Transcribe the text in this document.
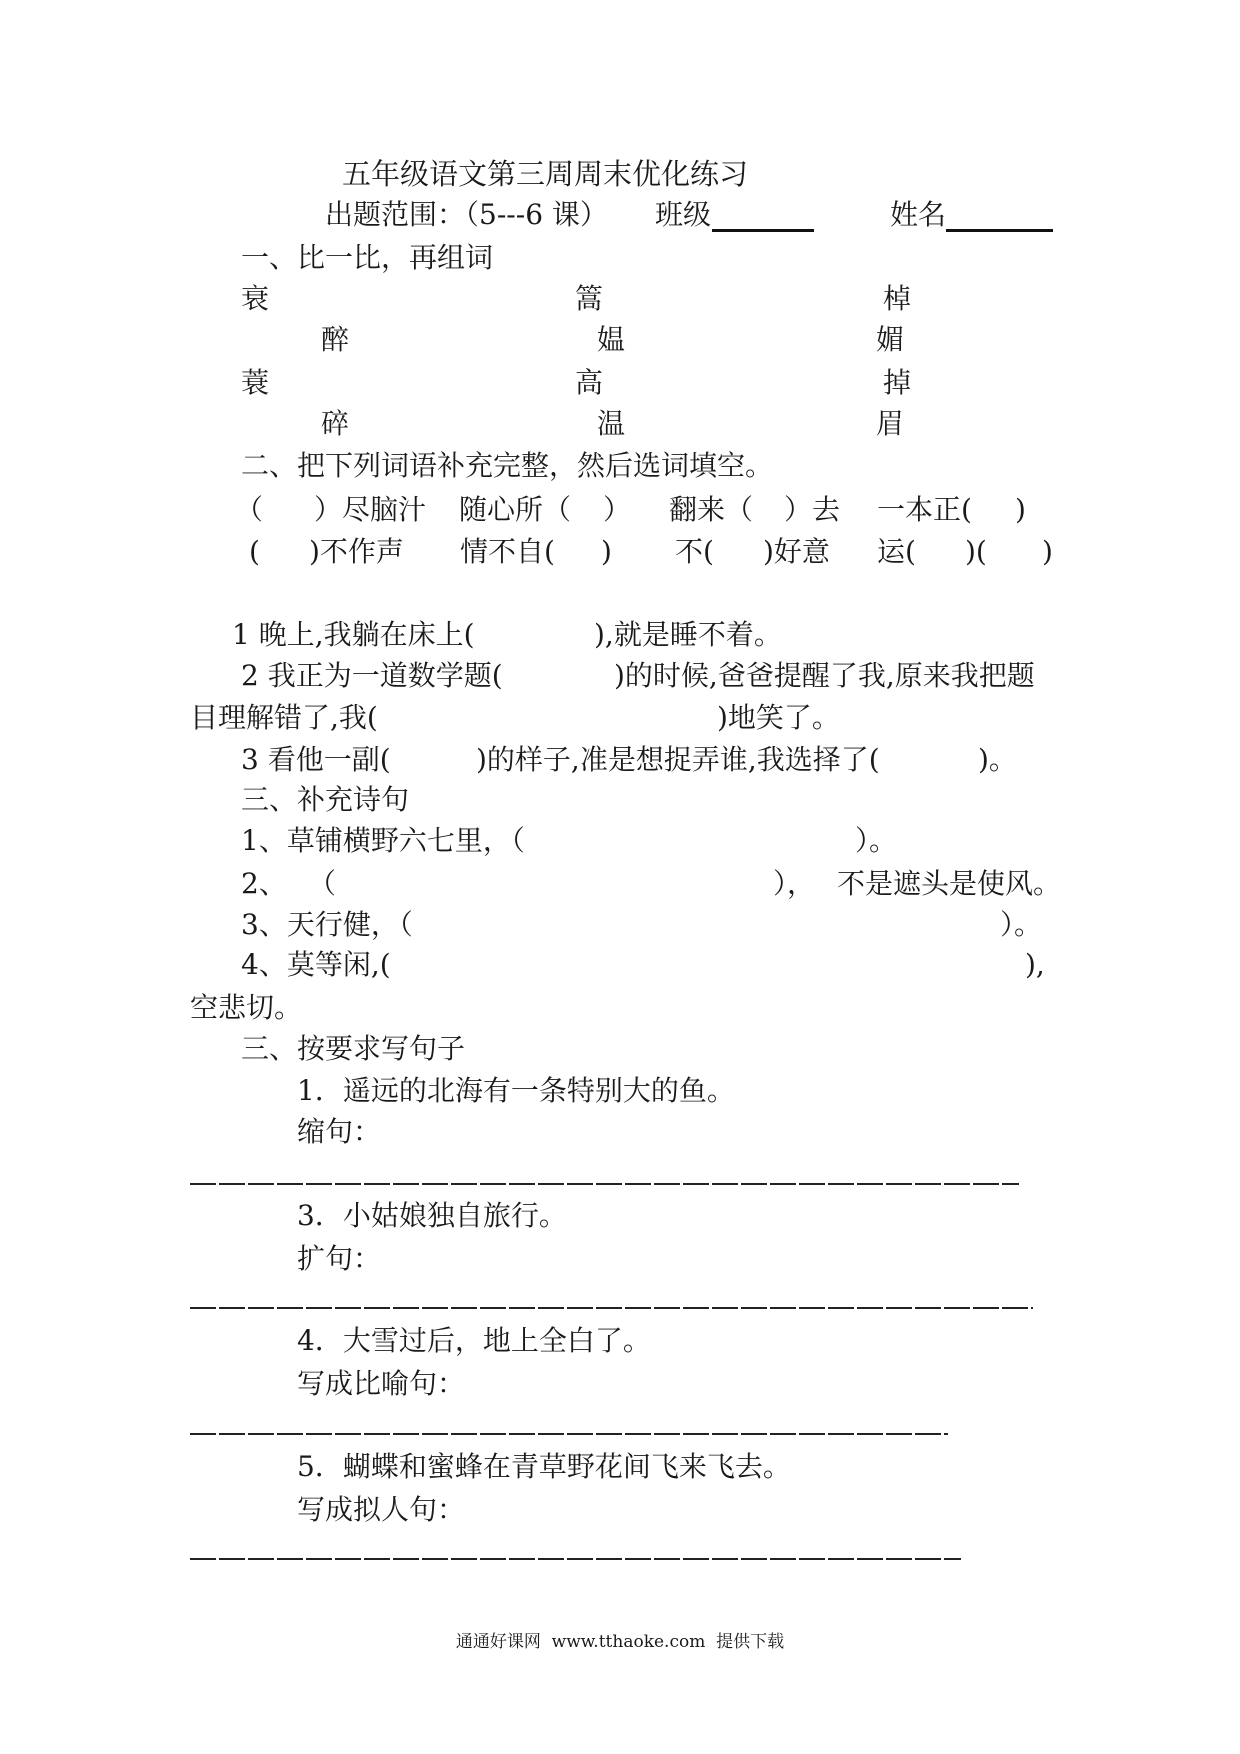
五年级语文第三周周末优化练习
出题范围：（5---6 课） 班级	姓名
一、比一比，再组词
衰	篙	棹
醉	媪	媚
蓑	高	掉
碎	温	眉
二、把下列词语补充完整，然后选词填空。
（ ）尽脑汁 随心所（ ） 翻来（ ）去 一本正( )
( )不作声 情不自( ) 不( )好意 运( )( )
1 晚上,我躺在床上(	),就是睡不着。
2 我正为一道数学题(	)的时候,爸爸提醒了我,原来我把题
目理解错了,我(	)地笑了。
3 看他一副(	)的样子,准是想捉弄谁,我选择了(	)。
三、补充诗句
1、草铺横野六七里，（	）。
2、 （	）， 不是遮头是使风。
3、天行健，（	）。
4、莫等闲,(	),
空悲切。
三、按要求写句子
1．遥远的北海有一条特别大的鱼。
缩句：
3．小姑娘独自旅行。
扩句：
4．大雪过后，地上全白了。
写成比喻句：
5．蝴蝶和蜜蜂在青草野花间飞来飞去。
写成拟人句：
通通好课网  www.tthaoke.com  提供下载
